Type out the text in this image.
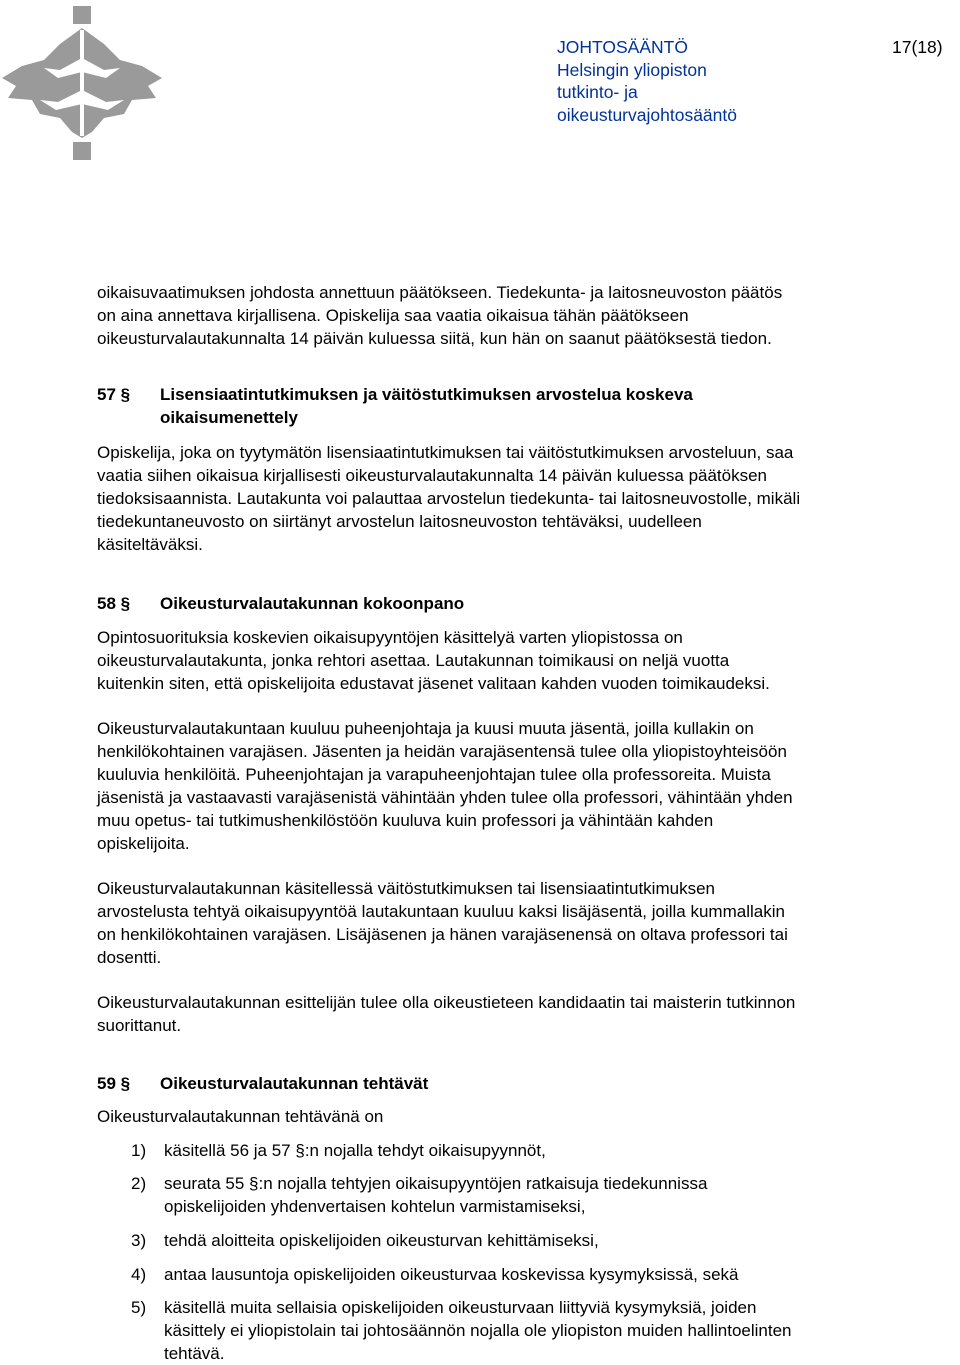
JOHTOSÄÄNTÖ
Helsingin yliopiston
tutkinto- ja
oikeusturvajohtosääntö
17(18)
oikaisuvaatimuksen johdosta annettuun päätökseen. Tiedekunta- ja laitosneuvoston päätös
on aina annettava kirjallisena. Opiskelija saa vaatia oikaisua tähän päätökseen
oikeusturvalautakunnalta 14 päivän kuluessa siitä, kun hän on saanut päätöksestä tiedon.
57 § Lisensiaatintutkimuksen ja väitöstutkimuksen arvostelua koskeva
oikaisumenettely
Opiskelija, joka on tyytymätön lisensiaatintutkimuksen tai väitöstutkimuksen arvosteluun, saa
vaatia siihen oikaisua kirjallisesti oikeusturvalautakunnalta 14 päivän kuluessa päätöksen
tiedoksisaannista. Lautakunta voi palauttaa arvostelun tiedekunta- tai laitosneuvostolle, mikäli
tiedekuntaneuvosto on siirtänyt arvostelun laitosneuvoston tehtäväksi, uudelleen
käsiteltäväksi.
58 § Oikeusturvalautakunnan kokoonpano
Opintosuorituksia koskevien oikaisupyyntöjen käsittelyä varten yliopistossa on
oikeusturvalautakunta, jonka rehtori asettaa. Lautakunnan toimikausi on neljä vuotta
kuitenkin siten, että opiskelijoita edustavat jäsenet valitaan kahden vuoden toimikaudeksi.
Oikeusturvalautakuntaan kuuluu puheenjohtaja ja kuusi muuta jäsentä, joilla kullakin on
henkilökohtainen varajäsen. Jäsenten ja heidän varajäsentensä tulee olla yliopistoyhteisöön
kuuluvia henkilöitä. Puheenjohtajan ja varapuheenjohtajan tulee olla professoreita. Muista
jäsenistä ja vastaavasti varajäsenistä vähintään yhden tulee olla professori, vähintään yhden
muu opetus- tai tutkimushenkilöstöön kuuluva kuin professori ja vähintään kahden
opiskelijoita.
Oikeusturvalautakunnan käsitellessä väitöstutkimuksen tai lisensiaatintutkimuksen
arvostelusta tehtyä oikaisupyyntöä lautakuntaan kuuluu kaksi lisäjäsentä, joilla kummallakin
on henkilökohtainen varajäsen. Lisäjäsenen ja hänen varajäsenensä on oltava professori tai
dosentti.
Oikeusturvalautakunnan esittelijän tulee olla oikeustieteen kandidaatin tai maisterin tutkinnon
suorittanut.
59 § Oikeusturvalautakunnan tehtävät
Oikeusturvalautakunnan tehtävänä on
1) käsitellä 56 ja 57 §:n nojalla tehdyt oikaisupyynnöt,
2) seurata 55 §:n nojalla tehtyjen oikaisupyyntöjen ratkaisuja tiedekunnissa
opiskelijoiden yhdenvertaisen kohtelun varmistamiseksi,
3) tehdä aloitteita opiskelijoiden oikeusturvan kehittämiseksi,
4) antaa lausuntoja opiskelijoiden oikeusturvaa koskevissa kysymyksissä, sekä
5) käsitellä muita sellaisia opiskelijoiden oikeusturvaan liittyviä kysymyksiä, joiden
käsittely ei yliopistolain tai johtosäännön nojalla ole yliopiston muiden hallintoelinten
tehtävä.
